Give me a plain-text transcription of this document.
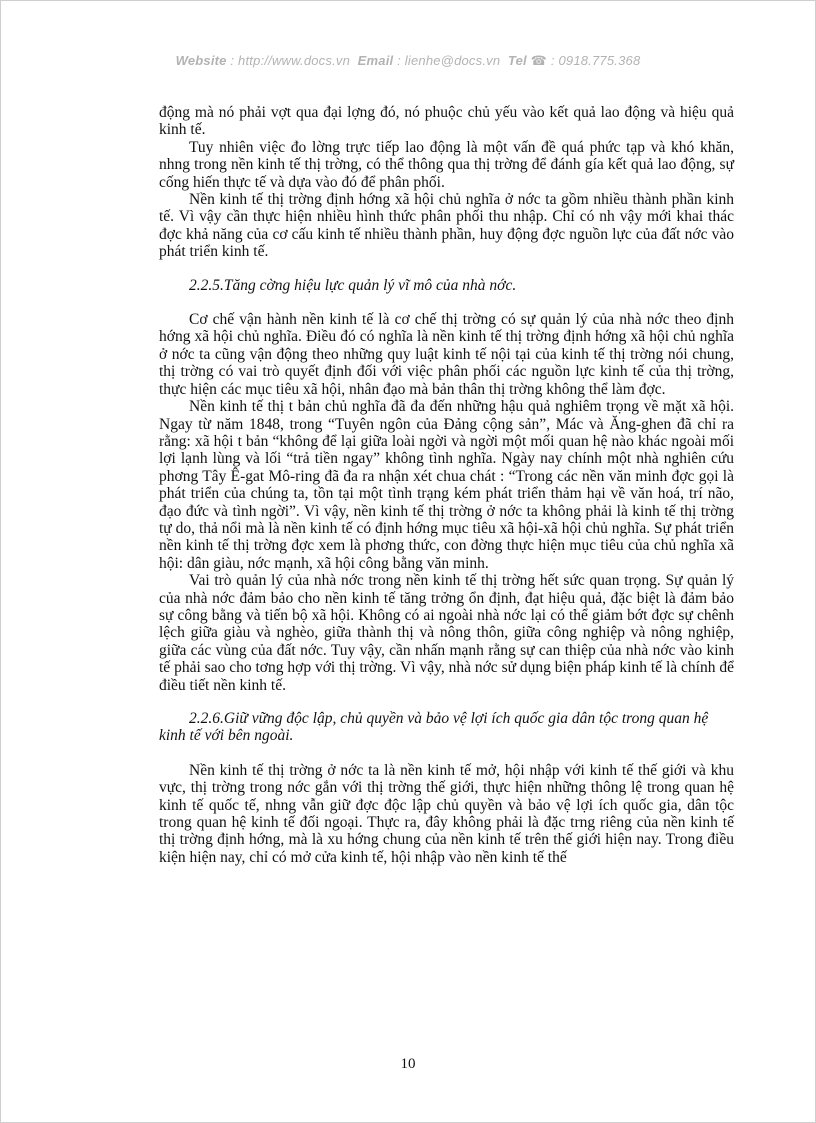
Website : http://www.docs.vn Email : lienhe@docs.vn Tel ☎ : 0918.775.368

động mà nó phải vợt qua đại lợng đó, nó phuộc chủ yếu vào kết quả lao động và hiệu quả kinh tế.

Tuy nhiên việc đo lờng trực tiếp lao động là một vấn đề quá phức tạp và khó khăn, nhng trong nền kinh tế thị trờng, có thể thông qua thị trờng để đánh gía kết quả lao động, sự cống hiến thực tế và dựa vào đó để phân phối.

Nền kinh tế thị trờng định hớng xã hội chủ nghĩa ở nớc ta gồm nhiều thành phần kinh tế. Vì vậy cần thực hiện nhiều hình thức phân phối thu nhập. Chỉ có nh vậy mới khai thác đợc khả năng của cơ cấu kinh tế nhiều thành phần, huy động đợc nguồn lực của đất nớc vào phát triển kinh tế.

2.2.5.Tăng cờng hiệu lực quản lý vĩ mô của nhà nớc.

Cơ chế vận hành nền kinh tế là cơ chế thị trờng có sự quản lý của nhà nớc theo định hớng xã hội chủ nghĩa. Điều đó có nghĩa là nền kinh tế thị trờng định hớng xã hội chủ nghĩa ở nớc ta cũng vận động theo những quy luật kinh tế nội tại của kinh tế thị trờng nói chung, thị trờng có vai trò quyết định đối với việc phân phối các nguồn lực kinh tế của thị trờng, thực hiện các mục tiêu xã hội, nhân đạo mà bản thân thị trờng không thể làm đợc.

Nền kinh tế thị t bản chủ nghĩa đã đa đến những hậu quả nghiêm trọng về mặt xã hội. Ngay từ năm 1848, trong “Tuyên ngôn của Đảng cộng sản”, Mác và Ăng-ghen đã chỉ ra rằng: xã hội t bản “không để lại giữa loài ngời và ngời một mối quan hệ nào khác ngoài mối lợi lạnh lùng và lối “trả tiền ngay” không tình nghĩa. Ngày nay chính một nhà nghiên cứu phơng Tây Ê-gat Mô-ring đã đa ra nhận xét chua chát : “Trong các nền văn minh đợc gọi là phát triển của chúng ta, tồn tại một tình trạng kém phát triển thảm hại về văn hoá, trí não, đạo đức và tình ngời”. Vì vậy, nền kinh tế thị trờng ở nớc ta không phải là kinh tế thị trờng tự do, thả nổi mà là nền kinh tế có định hớng mục tiêu xã hội-xã hội chủ nghĩa. Sự phát triển nền kinh tế thị trờng đợc xem là phơng thức, con đờng thực hiện mục tiêu của chủ nghĩa xã hội: dân giàu, nớc mạnh, xã hội công bằng văn minh.

Vai trò quản lý của nhà nớc trong nền kinh tế thị trờng hết sức quan trọng. Sự quản lý của nhà nớc đảm bảo cho nền kinh tế tăng trởng ổn định, đạt hiệu quả, đặc biệt là đảm bảo sự công bằng và tiến bộ xã hội. Không có ai ngoài nhà nớc lại có thể giảm bớt đợc sự chênh lệch giữa giàu và nghèo, giữa thành thị và nông thôn, giữa công nghiệp và nông nghiệp, giữa các vùng của đất nớc. Tuy vậy, cần nhấn mạnh rằng sự can thiệp của nhà nớc vào kinh tế phải sao cho tơng hợp với thị trờng. Vì vậy, nhà nớc sử dụng biện pháp kinh tế là chính để điều tiết nền kinh tế.

2.2.6.Giữ vững độc lập, chủ quyền và bảo vệ lợi ích quốc gia dân tộc trong quan hệ kinh tế với bên ngoài.

Nền kinh tế thị trờng ở nớc ta là nền kinh tế mở, hội nhập với kinh tế thế giới và khu vực, thị trờng trong nớc gắn với thị trờng thế giới, thực hiện những thông lệ trong quan hệ kinh tế quốc tế, nhng vẫn giữ đợc độc lập chủ quyền và bảo vệ lợi ích quốc gia, dân tộc trong quan hệ kinh tế đối ngoại. Thực ra, đây không phải là đặc trng riêng của nền kinh tế thị trờng định hớng, mà là xu hớng chung của nền kinh tế trên thế giới hiện nay. Trong điều kiện hiện nay, chỉ có mở cửa kinh tế, hội nhập vào nền kinh tế thế

10
